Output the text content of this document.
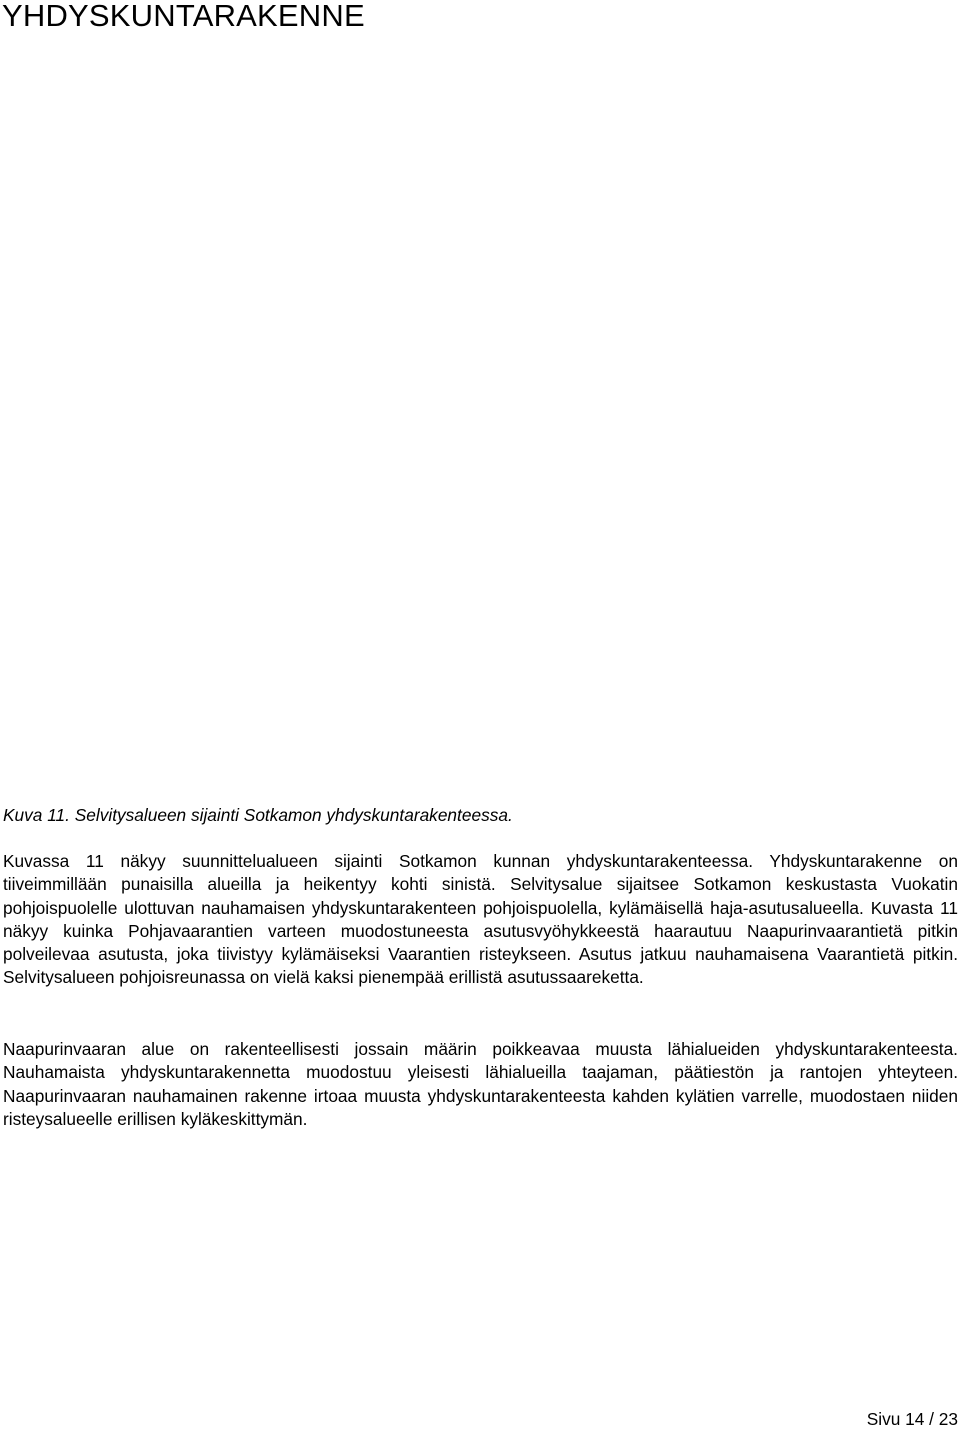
YHDYSKUNTARAKENNE

Kuva 11. Selvitysalueen sijainti Sotkamon yhdyskuntarakenteessa.

Kuvassa 11 näkyy suunnittelualueen sijainti Sotkamon kunnan yhdyskuntarakenteessa. Yhdyskuntarakenne on tiiveimmillään punaisilla alueilla ja heikentyy kohti sinistä. Selvitysalue sijaitsee Sotkamon keskustasta Vuokatin pohjoispuolelle ulottuvan nauhamaisen yhdyskuntarakenteen pohjoispuolella, kylämäisellä haja-asutusalueella. Kuvasta 11 näkyy kuinka Pohjavaarantien varteen muodostuneesta asutusvyöhykkeestä haarautuu Naapurinvaarantietä pitkin polveilevaa asutusta, joka tiivistyy kylämäiseksi Vaarantien risteykseen. Asutus jatkuu nauhamaisena Vaarantietä pitkin. Selvitysalueen pohjoisreunassa on vielä kaksi pienempää erillistä asutussaareketta.

Naapurinvaaran alue on rakenteellisesti jossain määrin poikkeavaa muusta lähialueiden yhdyskuntarakenteesta. Nauhamaista yhdyskuntarakennetta muodostuu yleisesti lähialueilla taajaman, päätiestön ja rantojen yhteyteen. Naapurinvaaran nauhamainen rakenne irtoaa muusta yhdyskuntarakenteesta kahden kylätien varrelle, muodostaen niiden risteysalueelle erillisen kyläkeskittymän.

Sivu 14 / 23
